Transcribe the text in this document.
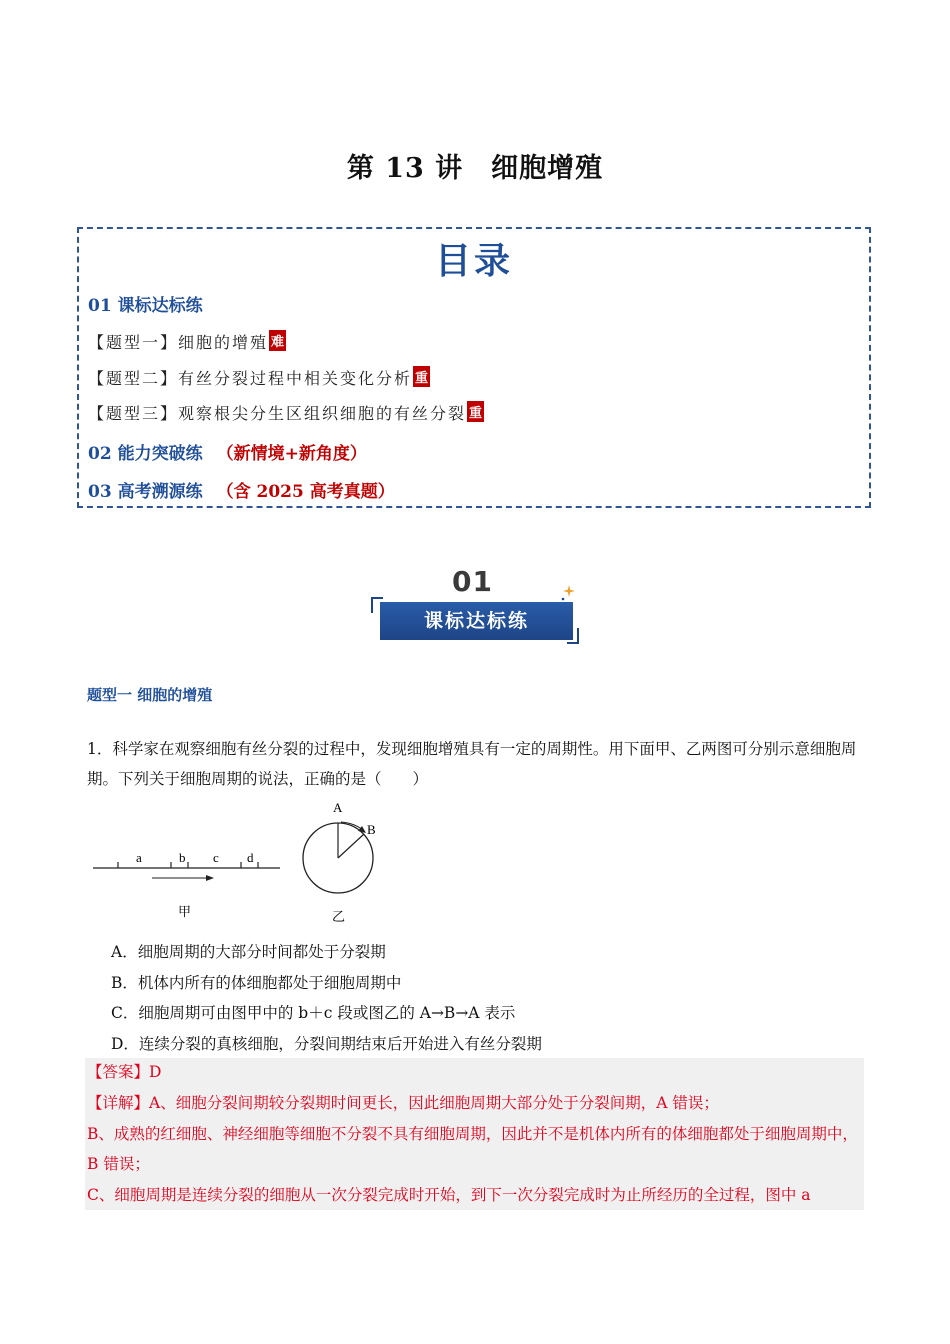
第 13 讲　细胞增殖
目录
01 课标达标练
【题型一】细胞的增殖 难
【题型二】有丝分裂过程中相关变化分析 重
【题型三】观察根尖分生区组织细胞的有丝分裂 重
02 能力突破练 （新情境+新角度）
03 高考溯源练 （含 2025 高考真题）
01
课标达标练
题型一 细胞的增殖
1．科学家在观察细胞有丝分裂的过程中，发现细胞增殖具有一定的周期性。用下面甲、乙两图可分别示意细胞周期。下列关于细胞周期的说法，正确的是（　　）
a	b c d
甲
A
B
乙
A．细胞周期的大部分时间都处于分裂期
B．机体内所有的体细胞都处于细胞周期中
C．细胞周期可由图甲中的 b＋c 段或图乙的 A→B→A 表示
D．连续分裂的真核细胞，分裂间期结束后开始进入有丝分裂期
【答案】D
【详解】A、细胞分裂间期较分裂期时间更长，因此细胞周期大部分处于分裂间期，A 错误；
B、成熟的红细胞、神经细胞等细胞不分裂不具有细胞周期，因此并不是机体内所有的体细胞都处于细胞周期中，B 错误；
C、细胞周期是连续分裂的细胞从一次分裂完成时开始，到下一次分裂完成时为止所经历的全过程，图中 a
